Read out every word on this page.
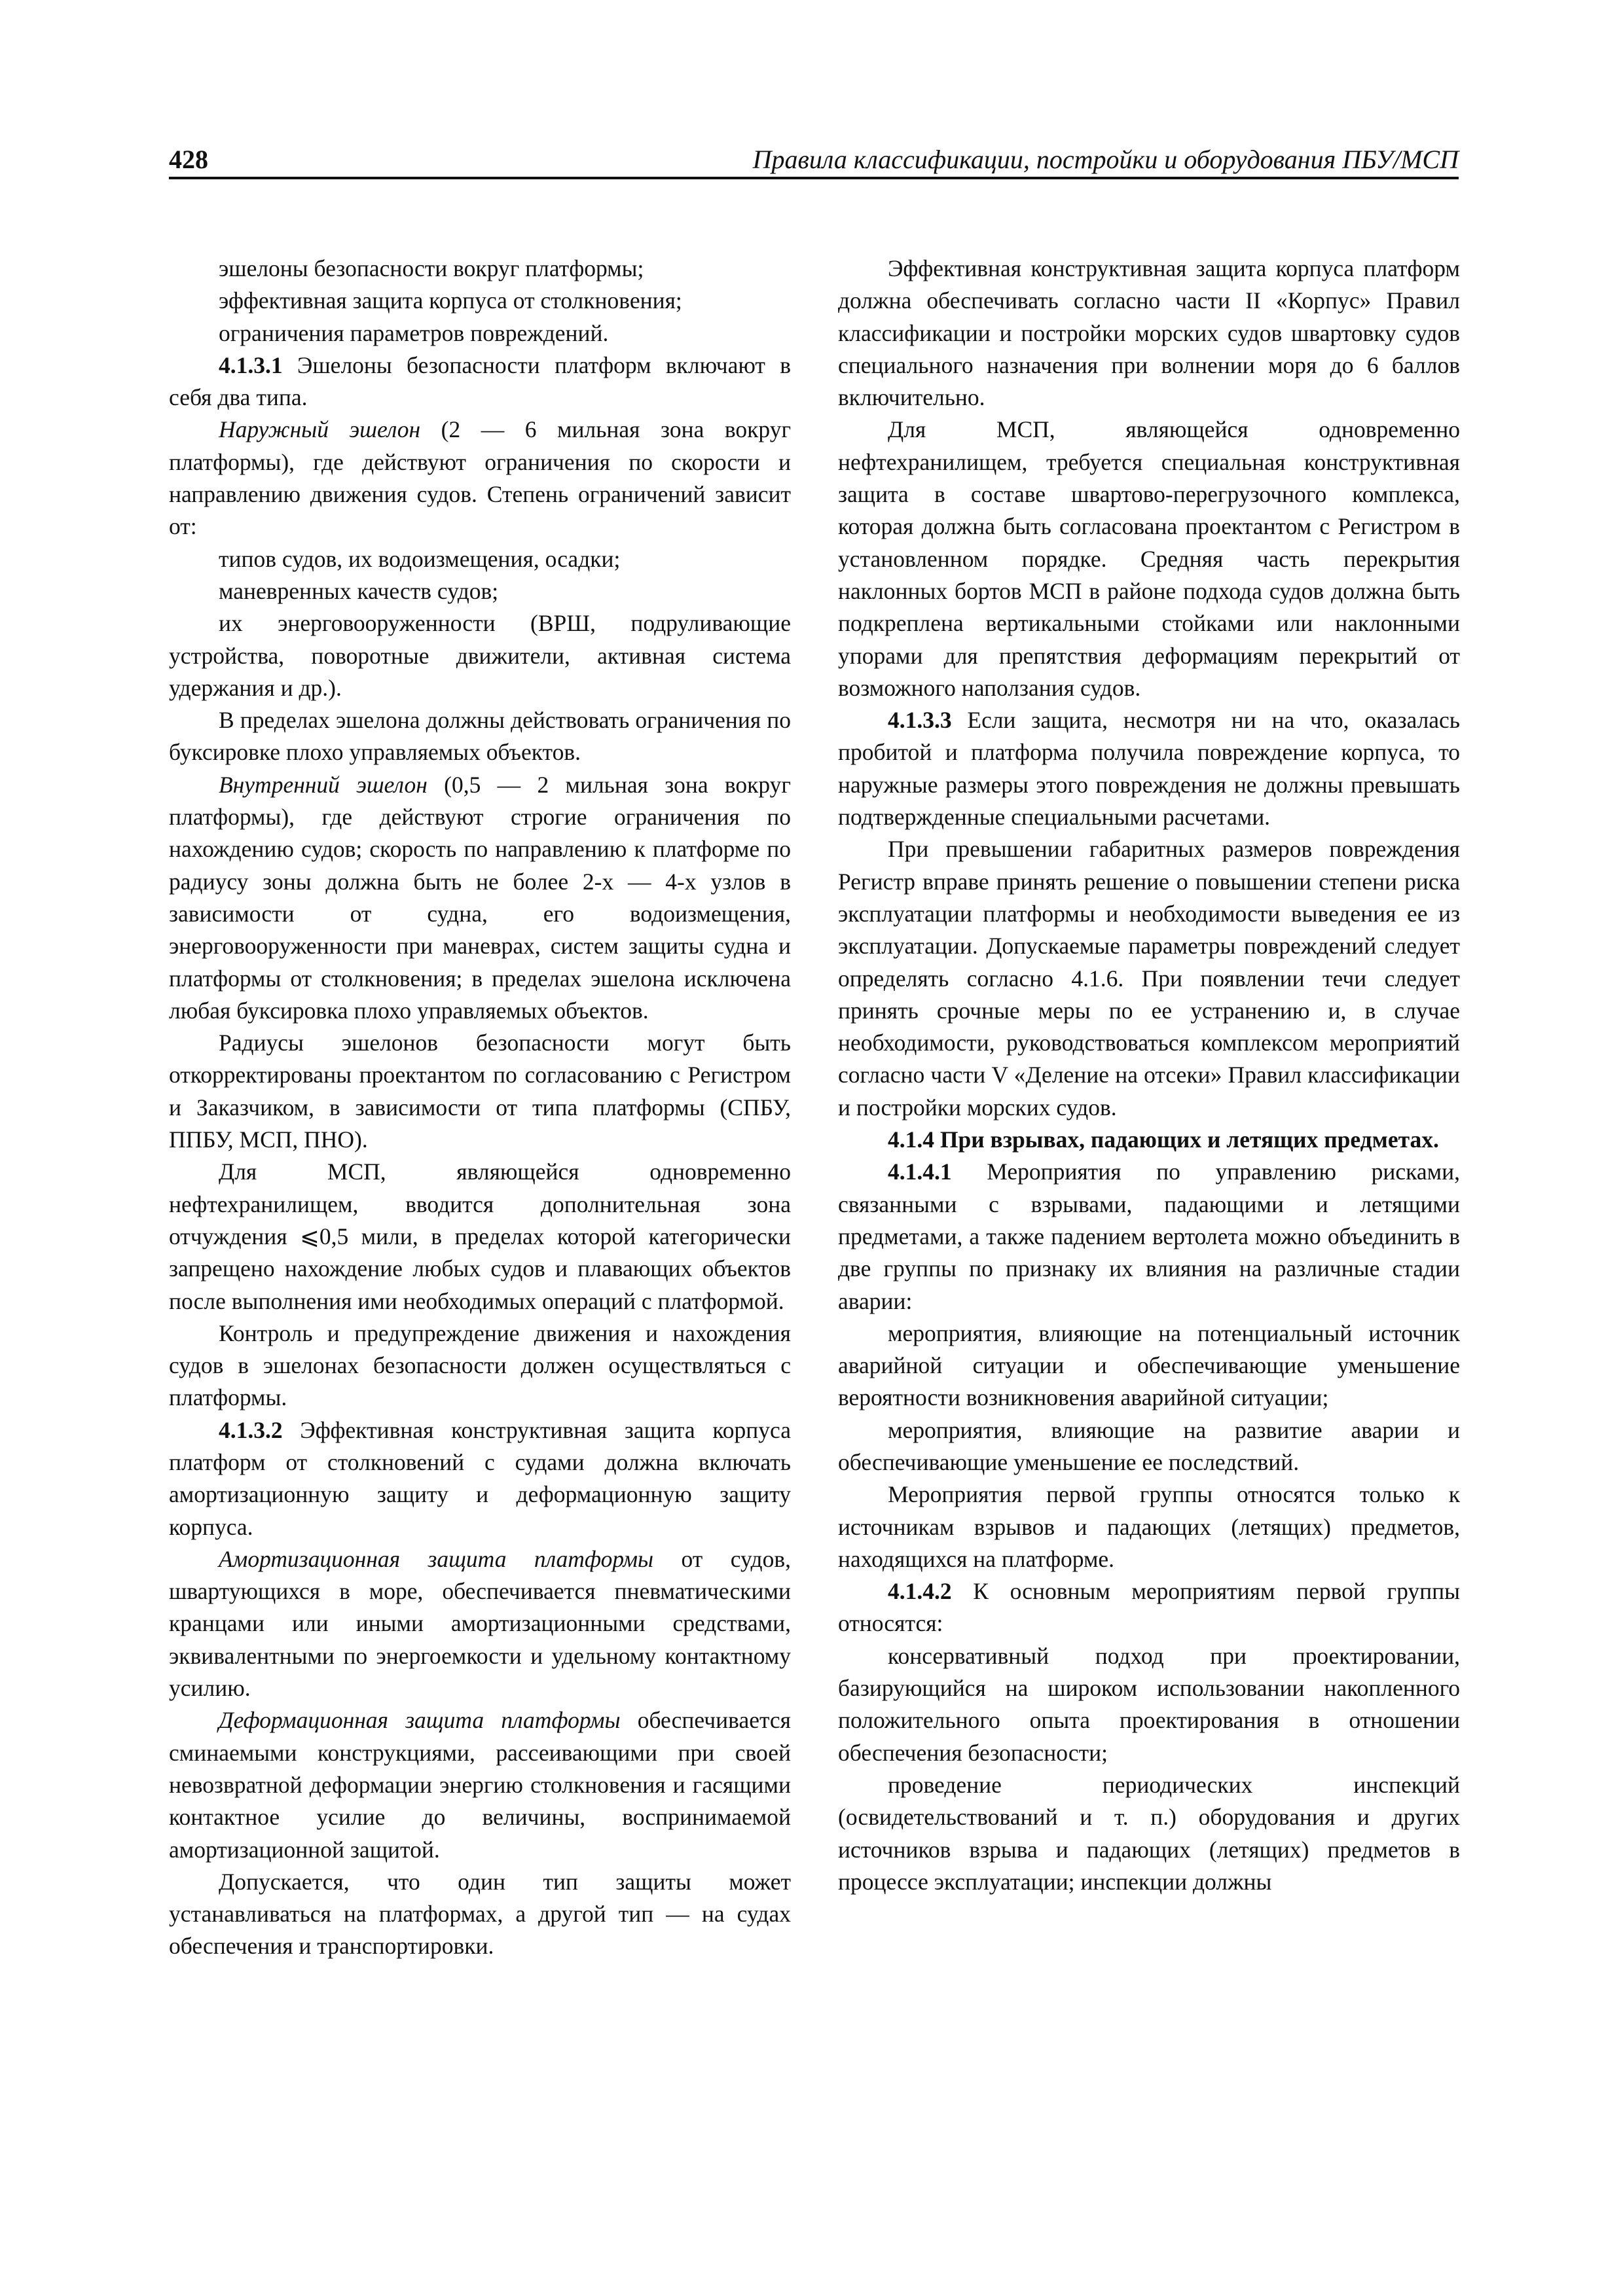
428	Правила классификации, постройки и оборудования ПБУ/МСП

эшелоны безопасности вокруг платформы;

эффективная защита корпуса от столкновения;

ограничения параметров повреждений.

4.1.3.1 Эшелоны безопасности платформ включают в себя два типа.

Наружный эшелон (2 — 6 мильная зона вокруг платформы), где действуют ограничения по скорости и направлению движения судов. Степень ограничений зависит от:

типов судов, их водоизмещения, осадки;

маневренных качеств судов;

их энерговооруженности (ВРШ, подруливающие устройства, поворотные движители, активная система удержания и др.).

В пределах эшелона должны действовать ограничения по буксировке плохо управляемых объектов.

Внутренний эшелон (0,5 — 2 мильная зона вокруг платформы), где действуют строгие ограничения по нахождению судов; скорость по направлению к платформе по радиусу зоны должна быть не более 2-х — 4-х узлов в зависимости от судна, его водоизмещения, энерговооруженности при маневрах, систем защиты судна и платформы от столкновения; в пределах эшелона исключена любая буксировка плохо управляемых объектов.

Радиусы эшелонов безопасности могут быть откорректированы проектантом по согласованию с Регистром и Заказчиком, в зависимости от типа платформы (СПБУ, ППБУ, МСП, ПНО).

Для МСП, являющейся одновременно нефтехранилищем, вводится дополнительная зона отчуждения ⩽0,5 мили, в пределах которой категорически запрещено нахождение любых судов и плавающих объектов после выполнения ими необходимых операций с платформой.

Контроль и предупреждение движения и нахождения судов в эшелонах безопасности должен осуществляться с платформы.

4.1.3.2 Эффективная конструктивная защита корпуса платформ от столкновений с судами должна включать амортизационную защиту и деформационную защиту корпуса.

Амортизационная защита платформы от судов, швартующихся в море, обеспечивается пневматическими кранцами или иными амортизационными средствами, эквивалентными по энергоемкости и удельному контактному усилию.

Деформационная защита платформы обеспечивается сминаемыми конструкциями, рассеивающими при своей невозвратной деформации энергию столкновения и гасящими контактное усилие до величины, воспринимаемой амортизационной защитой.

Допускается, что один тип защиты может устанавливаться на платформах, а другой тип — на судах обеспечения и транспортировки.

Эффективная конструктивная защита корпуса платформ должна обеспечивать согласно части II «Корпус» Правил классификации и постройки морских судов швартовку судов специального назначения при волнении моря до 6 баллов включительно.

Для МСП, являющейся одновременно нефтехранилищем, требуется специальная конструктивная защита в составе швартово-перегрузочного комплекса, которая должна быть согласована проектантом с Регистром в установленном порядке. Средняя часть перекрытия наклонных бортов МСП в районе подхода судов должна быть подкреплена вертикальными стойками или наклонными упорами для препятствия деформациям перекрытий от возможного наползания судов.

4.1.3.3 Если защита, несмотря ни на что, оказалась пробитой и платформа получила повреждение корпуса, то наружные размеры этого повреждения не должны превышать подтвержденные специальными расчетами.

При превышении габаритных размеров повреждения Регистр вправе принять решение о повышении степени риска эксплуатации платформы и необходимости выведения ее из эксплуатации. Допускаемые параметры повреждений следует определять согласно 4.1.6. При появлении течи следует принять срочные меры по ее устранению и, в случае необходимости, руководствоваться комплексом мероприятий согласно части V «Деление на отсеки» Правил классификации и постройки морских судов.

4.1.4 При взрывах, падающих и летящих предметах.

4.1.4.1 Мероприятия по управлению рисками, связанными с взрывами, падающими и летящими предметами, а также падением вертолета можно объединить в две группы по признаку их влияния на различные стадии аварии:

мероприятия, влияющие на потенциальный источник аварийной ситуации и обеспечивающие уменьшение вероятности возникновения аварийной ситуации;

мероприятия, влияющие на развитие аварии и обеспечивающие уменьшение ее последствий.

Мероприятия первой группы относятся только к источникам взрывов и падающих (летящих) предметов, находящихся на платформе.

4.1.4.2 К основным мероприятиям первой группы относятся:

консервативный подход при проектировании, базирующийся на широком использовании накопленного положительного опыта проектирования в отношении обеспечения безопасности;

проведение периодических инспекций (освидетельствований и т. п.) оборудования и других источников взрыва и падающих (летящих) предметов в процессе эксплуатации; инспекции должны
